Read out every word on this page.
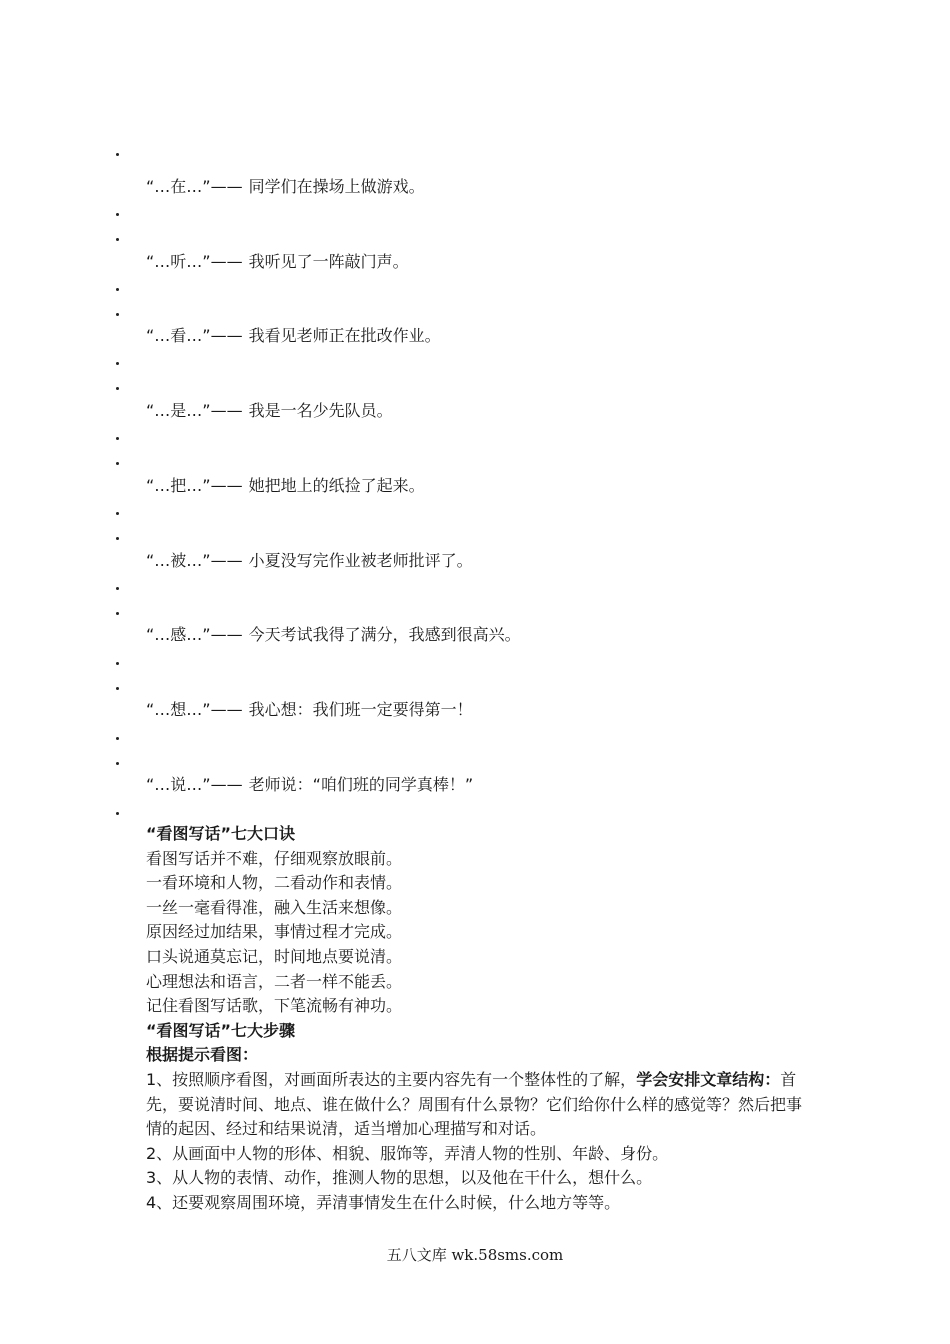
“…在…”—— 同学们在操场上做游戏。
“…听…”—— 我听见了一阵敲门声。
“…看…”—— 我看见老师正在批改作业。
“…是…”—— 我是一名少先队员。
“…把…”—— 她把地上的纸捡了起来。
“…被…”—— 小夏没写完作业被老师批评了。
“…感…”—— 今天考试我得了满分，我感到很高兴。
“…想…”—— 我心想：我们班一定要得第一！
“…说…”—— 老师说：“咱们班的同学真棒！”

“看图写话”七大口诀

看图写话并不难，仔细观察放眼前。

一看环境和人物，二看动作和表情。

一丝一毫看得准，融入生活来想像。

原因经过加结果，事情过程才完成。

口头说通莫忘记，时间地点要说清。

心理想法和语言，二者一样不能丢。

记住看图写话歌，下笔流畅有神功。

“看图写话”七大步骤

根据提示看图：

1、按照顺序看图，对画面所表达的主要内容先有一个整体性的了解，学会安排文章结构：首先，要说清时间、地点、谁在做什么？周围有什么景物？它们给你什么样的感觉等？然后把事情的起因、经过和结果说清，适当增加心理描写和对话。

2、从画面中人物的形体、相貌、服饰等，弄清人物的性别、年龄、身份。

3、从人物的表情、动作，推测人物的思想，以及他在干什么，想什么。

4、还要观察周围环境，弄清事情发生在什么时候，什么地方等等。

五八文库 wk.58sms.com
